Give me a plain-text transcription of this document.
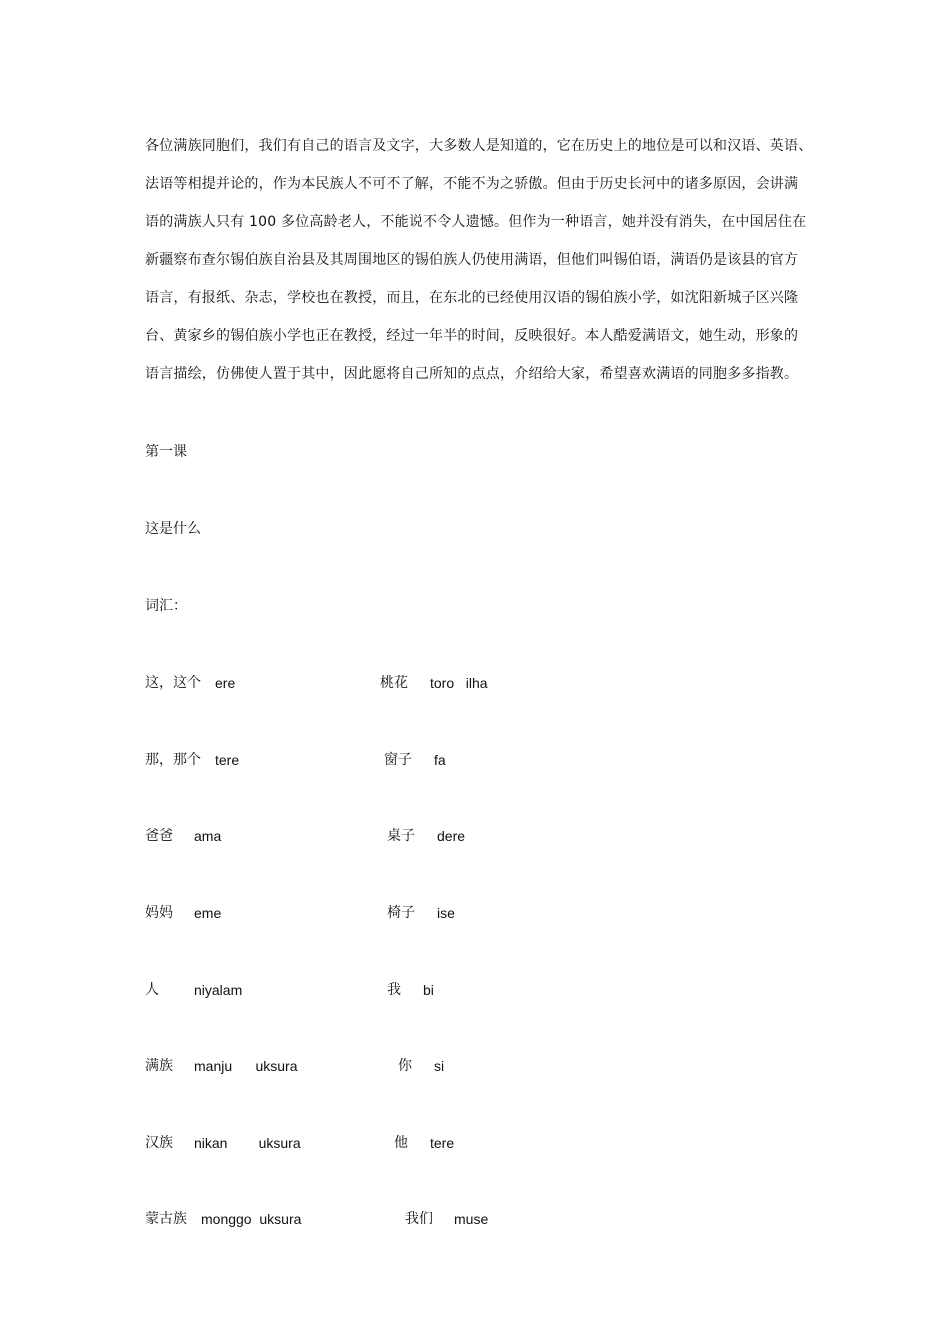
各位满族同胞们，我们有自己的语言及文字，大多数人是知道的，它在历史上的地位是可以和汉语、英语、
法语等相提并论的，作为本民族人不可不了解，不能不为之骄傲。但由于历史长河中的诸多原因，会讲满
语的满族人只有 100 多位高龄老人，不能说不令人遗憾。但作为一种语言，她并没有消失，在中国居住在
新疆察布查尔锡伯族自治县及其周围地区的锡伯族人仍使用满语，但他们叫锡伯语，满语仍是该县的官方
语言，有报纸、杂志，学校也在教授，而且，在东北的已经使用汉语的锡伯族小学，如沈阳新城子区兴隆
台、黄家乡的锡伯族小学也正在教授，经过一年半的时间，反映很好。本人酷爱满语文，她生动，形象的
语言描绘，仿佛使人置于其中，因此愿将自己所知的点点，介绍给大家，希望喜欢满语的同胞多多指教。
第一课
这是什么
词汇：
这，这个 ere	桃花 toro   ilha
那，那个 tere	窗子 fa
爸爸 ama	桌子 dere
妈妈 eme	椅子 ise
人	niyalam	我 bi
满族 manju      uksura	你 si
汉族 nikan        uksura	他 tere
蒙古族 monggo  uksura	我们 muse
